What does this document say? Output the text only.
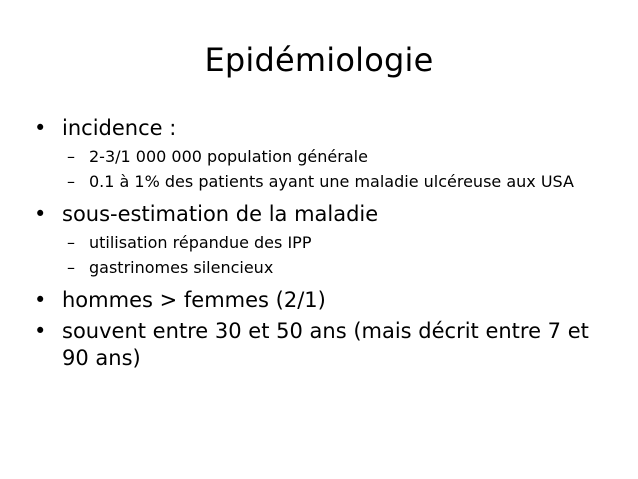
Epidémiologie
• incidence :
– 2-3/1 000 000 population générale
– 0.1 à 1% des patients ayant une maladie ulcéreuse aux USA
• sous-estimation de la maladie
– utilisation répandue des IPP
– gastrinomes silencieux
• hommes > femmes (2/1)
• souvent entre 30 et 50 ans (mais décrit entre 7 et 90 ans)
